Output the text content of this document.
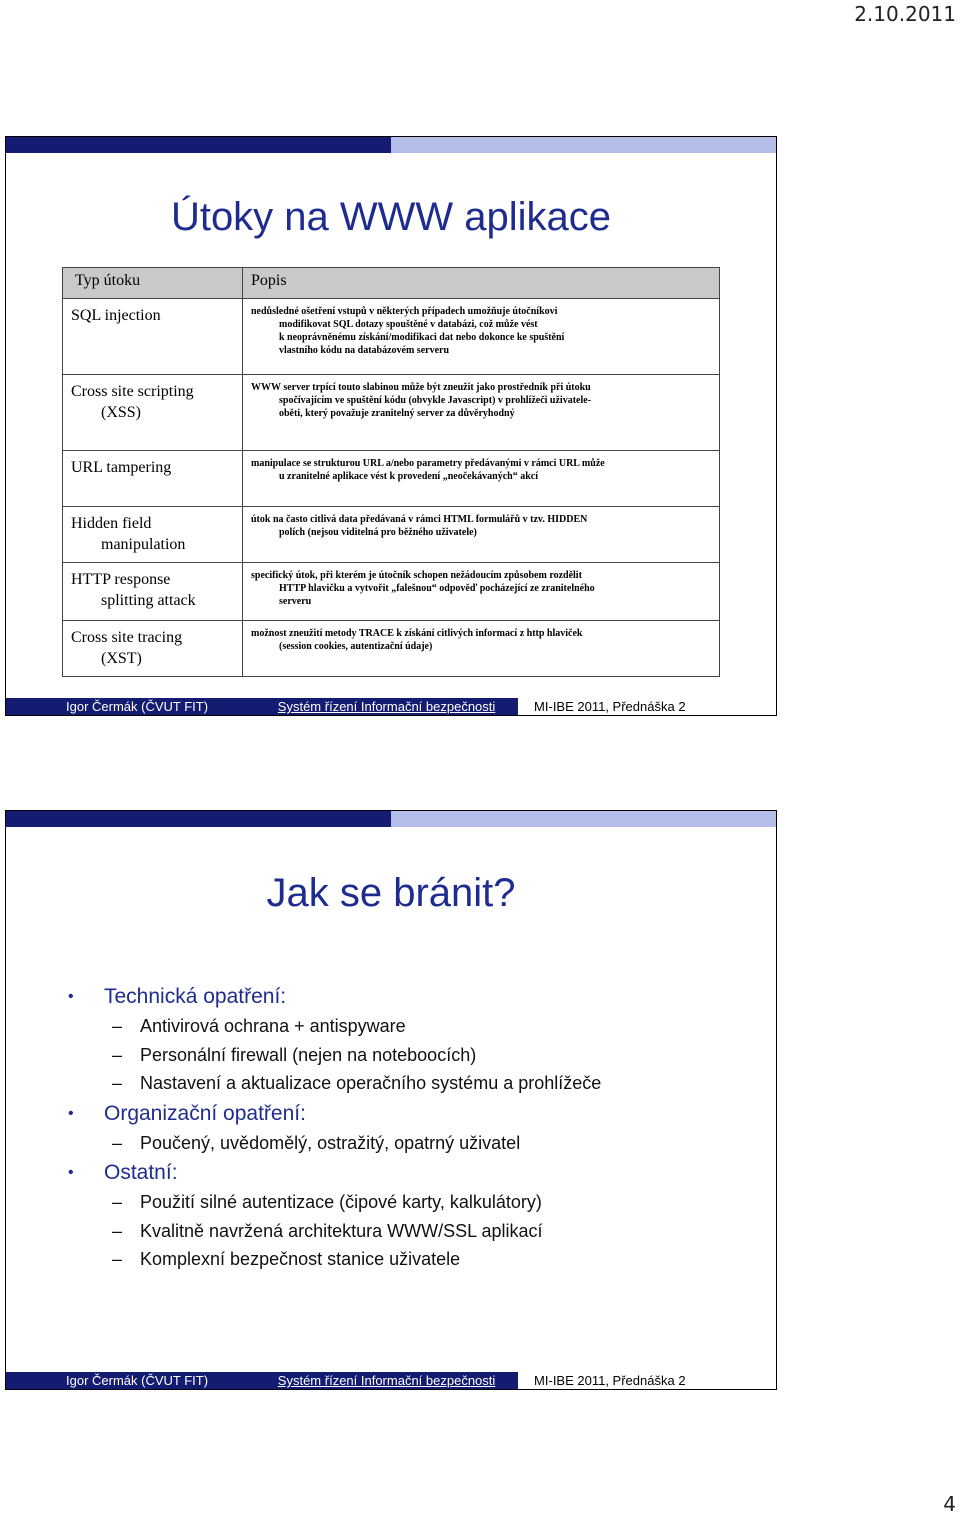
2.10.2011
Útoky na WWW aplikace
Typ útoku	Popis
SQL injection	nedůsledné ošetření vstupů v některých případech umožňuje útočníkovi
modifikovat SQL dotazy spouštěné v databázi, což může vést
k neoprávněnému získání/modifikaci dat nebo dokonce ke spuštění
vlastního kódu na databázovém serveru

Cross site scripting
(XSS)	WWW server trpící touto slabinou může být zneužit jako prostředník při útoku
spočívajícím ve spuštění kódu (obvykle Javascript) v prohlížeči uživatele-
oběti, který považuje zranitelný server za důvěryhodný

URL tampering	manipulace se strukturou URL a/nebo parametry předávanými v rámci URL může
u zranitelné aplikace vést k provedení „neočekávaných“ akcí

Hidden field
manipulation	útok na často citlivá data předávaná v rámci HTML formulářů v tzv. HIDDEN
polích (nejsou viditelná pro běžného uživatele)

HTTP response
splitting attack	specifický útok, při kterém je útočník schopen nežádoucím způsobem rozdělit
HTTP hlavičku a vytvořit „falešnou“ odpověď pocházející ze zranitelného
serveru

Cross site tracing
(XST)	možnost zneužití metody TRACE k získání citlivých informací z http hlaviček
(session cookies, autentizační údaje)
Igor Čermák (ČVUT FIT)	Systém řízení Informační bezpečnosti	MI-IBE 2011, Přednáška 2
Jak se bránit?
•	Technická opatření:
– Antivirová ochrana + antispyware
– Personální firewall (nejen na noteboocích)
– Nastavení a aktualizace operačního systému a prohlížeče
•	Organizační opatření:
– Poučený, uvědomělý, ostražitý, opatrný uživatel
•	Ostatní:
– Použití silné autentizace (čipové karty, kalkulátory)
– Kvalitně navržená architektura WWW/SSL aplikací
– Komplexní bezpečnost stanice uživatele
Igor Čermák (ČVUT FIT)	Systém řízení Informační bezpečnosti	MI-IBE 2011, Přednáška 2
4
